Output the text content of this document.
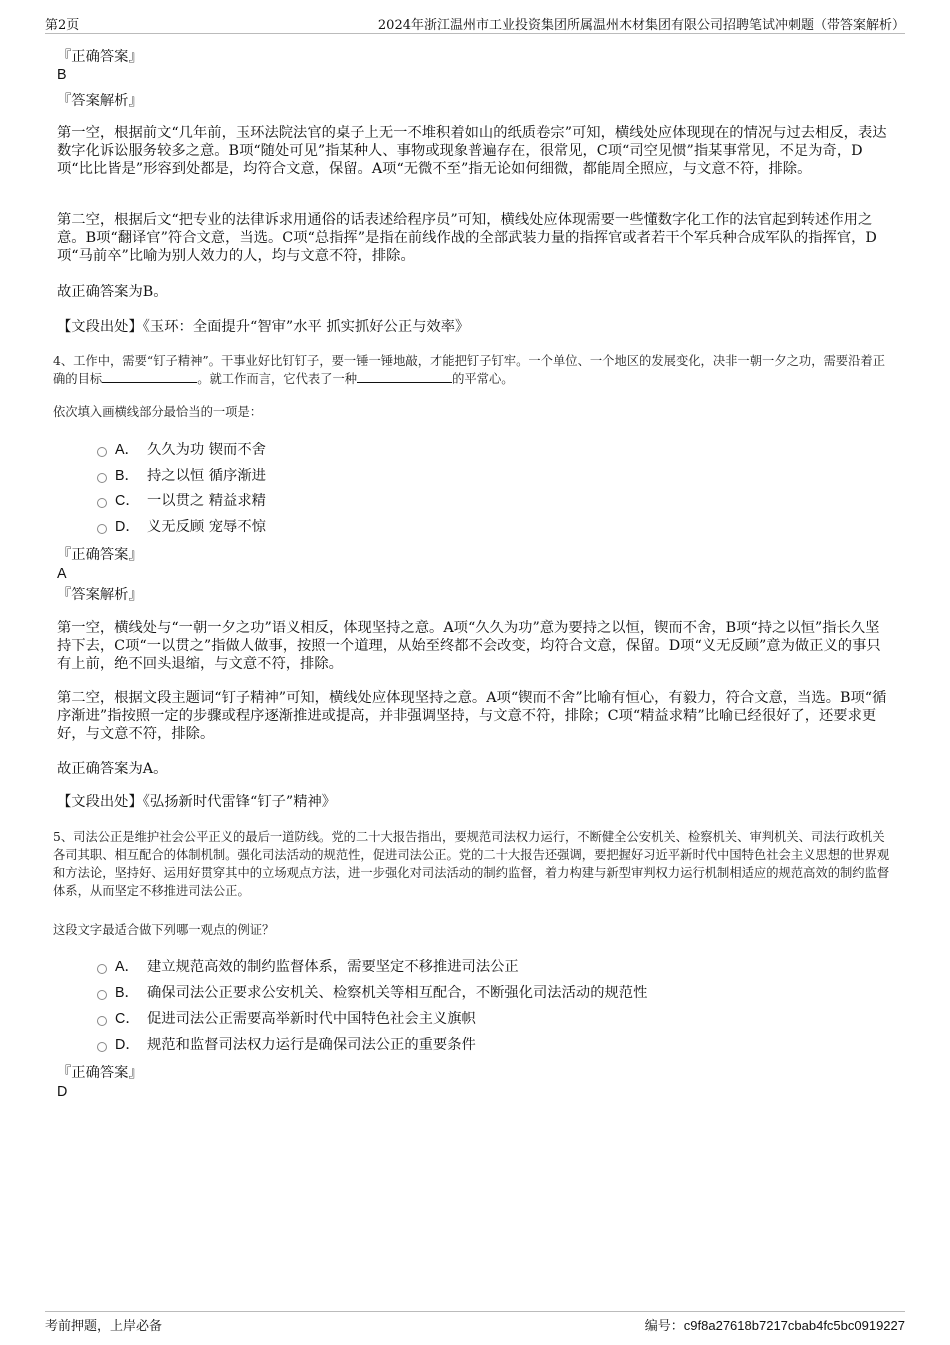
第2页	2024年浙江温州市工业投资集团所属温州木材集团有限公司招聘笔试冲刺题（带答案解析）
『正确答案』
B
『答案解析』
第一空，根据前文“几年前，玉环法院法官的桌子上无一不堆积着如山的纸质卷宗”可知，横线处应体现现在的情况与过去相反，表达数字化诉讼服务较多之意。B项“随处可见”指某种人、事物或现象普遍存在，很常见，C项“司空见惯”指某事常见，不足为奇，D项“比比皆是”形容到处都是，均符合文意，保留。A项“无微不至”指无论如何细微，都能周全照应，与文意不符，排除。
第二空，根据后文“把专业的法律诉求用通俗的话表述给程序员”可知，横线处应体现需要一些懂数字化工作的法官起到转述作用之意。B项“翻译官”符合文意，当选。C项“总指挥”是指在前线作战的全部武装力量的指挥官或者若干个军兵种合成军队的指挥官，D项“马前卒”比喻为别人效力的人，均与文意不符，排除。
故正确答案为B。
【文段出处】《玉环：全面提升“智审”水平 抓实抓好公正与效率》
4、工作中，需要“钉子精神”。干事业好比钉钉子，要一锤一锤地敲，才能把钉子钉牢。一个单位、一个地区的发展变化，决非一朝一夕之功，需要沿着正确的目标	。就工作而言，它代表了一种	的平常心。
依次填入画横线部分最恰当的一项是：
A． 久久为功 锲而不舍
B． 持之以恒 循序渐进
C． 一以贯之 精益求精
D． 义无反顾 宠辱不惊
『正确答案』
A
『答案解析』
第一空，横线处与“一朝一夕之功”语义相反，体现坚持之意。A项“久久为功”意为要持之以恒，锲而不舍，B项“持之以恒”指长久坚持下去，C项“一以贯之”指做人做事，按照一个道理，从始至终都不会改变，均符合文意，保留。D项“义无反顾”意为做正义的事只有上前，绝不回头退缩，与文意不符，排除。
第二空，根据文段主题词“钉子精神”可知，横线处应体现坚持之意。A项“锲而不舍”比喻有恒心，有毅力，符合文意，当选。B项“循序渐进”指按照一定的步骤或程序逐渐推进或提高，并非强调坚持，与文意不符，排除；C项“精益求精”比喻已经很好了，还要求更好，与文意不符，排除。
故正确答案为A。
【文段出处】《弘扬新时代雷锋“钉子”精神》
5、司法公正是维护社会公平正义的最后一道防线。党的二十大报告指出，要规范司法权力运行，不断健全公安机关、检察机关、审判机关、司法行政机关各司其职、相互配合的体制机制。强化司法活动的规范性，促进司法公正。党的二十大报告还强调，要把握好习近平新时代中国特色社会主义思想的世界观和方法论，坚持好、运用好贯穿其中的立场观点方法，进一步强化对司法活动的制约监督，着力构建与新型审判权力运行机制相适应的规范高效的制约监督体系，从而坚定不移推进司法公正。
这段文字最适合做下列哪一观点的例证？
A． 建立规范高效的制约监督体系，需要坚定不移推进司法公正
B． 确保司法公正要求公安机关、检察机关等相互配合，不断强化司法活动的规范性
C． 促进司法公正需要高举新时代中国特色社会主义旗帜
D． 规范和监督司法权力运行是确保司法公正的重要条件
『正确答案』
D
考前押题，上岸必备	编号：c9f8a27618b7217cbab4fc5bc0919227
